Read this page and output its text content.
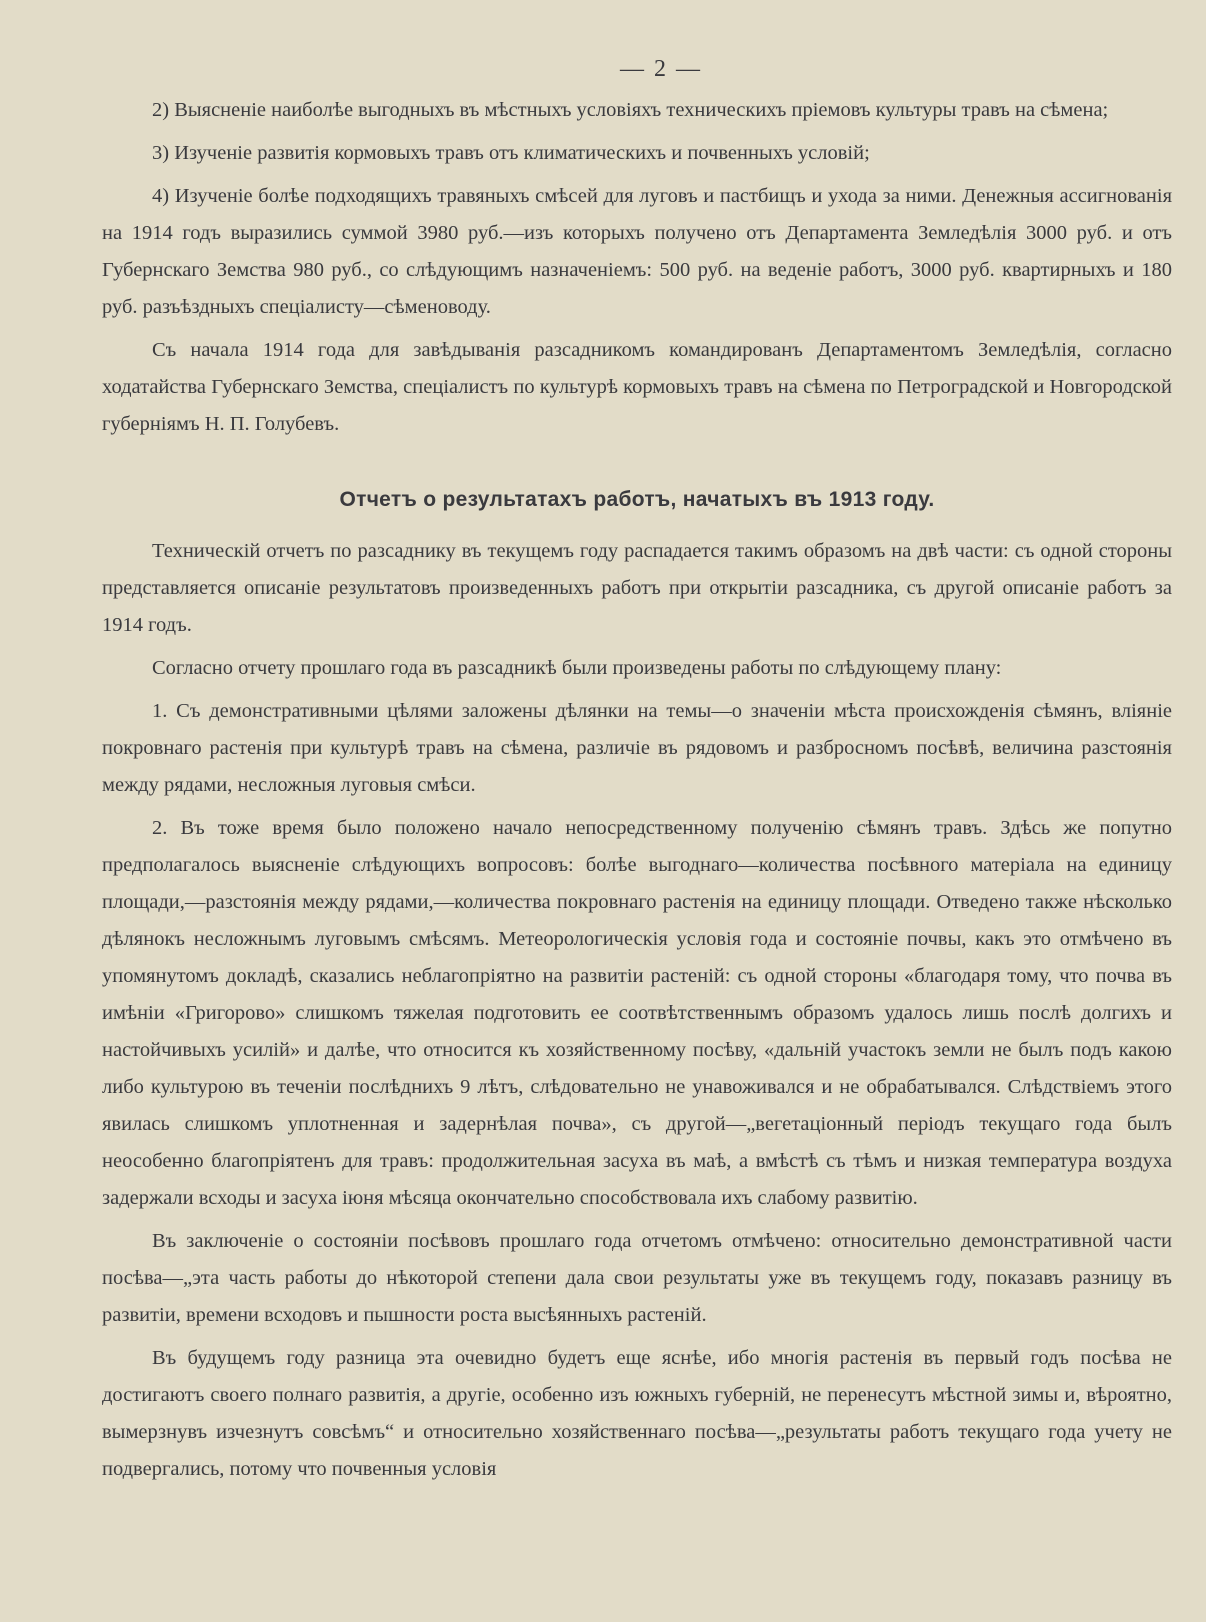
— 2 —

2) Выясненіе наиболѣе выгодныхъ въ мѣстныхъ условіяхъ техническихъ пріемовъ культуры травъ на сѣмена;

3) Изученіе развитія кормовыхъ травъ отъ климатическихъ и почвенныхъ условій;

4) Изученіе болѣе подходящихъ травяныхъ смѣсей для луговъ и пастбищъ и ухода за ними. Денежныя ассигнованія на 1914 годъ выразились суммой 3980 руб.—изъ которыхъ получено отъ Департамента Земледѣлія 3000 руб. и отъ Губернскаго Земства 980 руб., со слѣдующимъ назначеніемъ: 500 руб. на веденіе работъ, 3000 руб. квартирныхъ и 180 руб. разъѣздныхъ спеціалисту—сѣменоводу.

Съ начала 1914 года для завѣдыванія разсадникомъ командированъ Департаментомъ Земледѣлія, согласно ходатайства Губернскаго Земства, спеціалистъ по культурѣ кормовыхъ травъ на сѣмена по Петроградской и Новгородской губерніямъ Н. П. Голубевъ.

Отчетъ о результатахъ работъ, начатыхъ въ 1913 году.

Техническій отчетъ по разсаднику въ текущемъ году распадается такимъ образомъ на двѣ части: съ одной стороны представляется описаніе результатовъ произведенныхъ работъ при открытіи разсадника, съ другой описаніе работъ за 1914 годъ.

Согласно отчету прошлаго года въ разсадникѣ были произведены работы по слѣдующему плану:

1. Съ демонстративными цѣлями заложены дѣлянки на темы—о значеніи мѣста происхожденія сѣмянъ, вліяніе покровнаго растенія при культурѣ травъ на сѣмена, различіе въ рядовомъ и разбросномъ посѣвѣ, величина разстоянія между рядами, несложныя луговыя смѣси.

2. Въ тоже время было положено начало непосредственному полученію сѣмянъ травъ. Здѣсь же попутно предполагалось выясненіе слѣдующихъ вопросовъ: болѣе выгоднаго—количества посѣвного матеріала на единицу площади,—разстоянія между рядами,—количества покровнаго растенія на единицу площади. Отведено также нѣсколько дѣлянокъ несложнымъ луговымъ смѣсямъ. Метеорологическія условія года и состояніе почвы, какъ это отмѣчено въ упомянутомъ докладѣ, сказались неблагопріятно на развитіи растеній: съ одной стороны «благодаря тому, что почва въ имѣніи «Григорово» слишкомъ тяжелая подготовить ее соотвѣтственнымъ образомъ удалось лишь послѣ долгихъ и настойчивыхъ усилій» и далѣе, что относится къ хозяйственному посѣву, «дальній участокъ земли не былъ подъ какою либо культурою въ теченіи послѣднихъ 9 лѣтъ, слѣдовательно не унавоживался и не обрабатывался. Слѣдствіемъ этого явилась слишкомъ уплотненная и задернѣлая почва», съ другой—„вегетаціонный періодъ текущаго года былъ неособенно благопріятенъ для травъ: продолжительная засуха въ маѣ, а вмѣстѣ съ тѣмъ и низкая температура воздуха задержали всходы и засуха іюня мѣсяца окончательно способствовала ихъ слабому развитію.

Въ заключеніе о состояніи посѣвовъ прошлаго года отчетомъ отмѣчено: относительно демонстративной части посѣва—„эта часть работы до нѣкоторой степени дала свои результаты уже въ текущемъ году, показавъ разницу въ развитіи, времени всходовъ и пышности роста высѣянныхъ растеній.

Въ будущемъ году разница эта очевидно будетъ еще яснѣе, ибо многія растенія въ первый годъ посѣва не достигаютъ своего полнаго развитія, а другіе, особенно изъ южныхъ губерній, не перенесутъ мѣстной зимы и, вѣроятно, вымерзнувъ изчезнутъ совсѣмъ“ и относительно хозяйственнаго посѣва—„результаты работъ текущаго года учету не подвергались, потому что почвенныя условія
